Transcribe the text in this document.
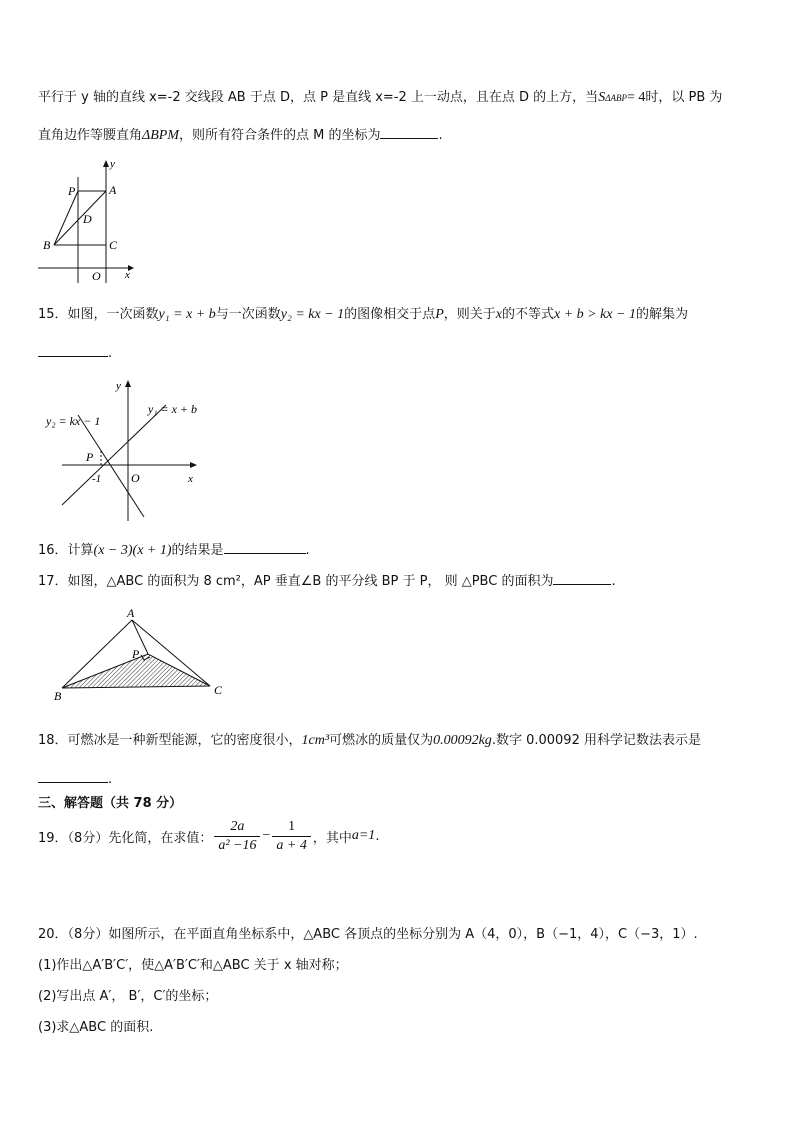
平行于 y 轴的直线 x=-2 交线段 AB 于点 D，点 P 是直线 x=-2 上一动点，且在点 D 的上方，当SΔABP= 4时，以 PB 为
直角边作等腰直角ΔBPM，则所有符合条件的点 M 的坐标为	.
P	A
D
B	C
O x
y
15．如图，一次函数y₁ = x + b与一次函数y₂ = kx − 1的图像相交于点P，则关于x的不等式x + b > kx − 1的解集为
.
y₂ = kx − 1
y₁ = x + b
P
-1 O	x
y
16．计算(x − 3)(x + 1)的结果是	.
17．如图，△ABC 的面积为 8 cm²，AP 垂直∠B 的平分线 BP 于 P， 则 △PBC 的面积为	.
A
P
B	C
18．可燃冰是一种新型能源，它的密度很小，1cm³可燃冰的质量仅为0.00092kg.数字 0.00092 用科学记数法表示是
.
三、解答题（共 78 分）
19．（8分）先化简，在求值： $\frac{2a}{\text{a² −16}} - \frac{1}{a + 4}$ ，其中 a=1 .
20．（8分）如图所示，在平面直角坐标系中，△ABC 各顶点的坐标分别为 A（4，0），B（−1，4），C（−3，1）.
(1)作出△A′B′C′，使△A′B′C′和△ABC 关于 x 轴对称；
(2)写出点 A′， B′，C′的坐标；
(3)求△ABC 的面积.
